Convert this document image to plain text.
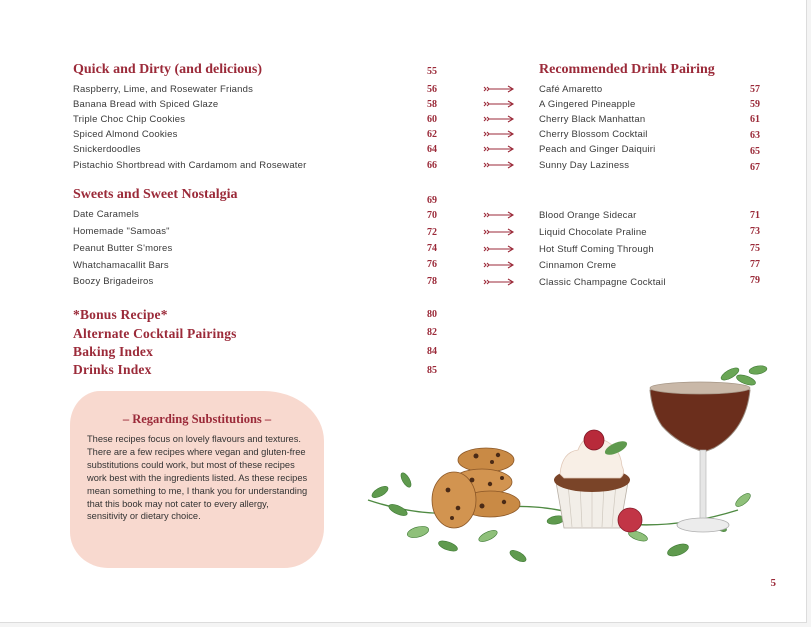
Quick and Dirty (and delicious)	55
Raspberry, Lime, and Rosewater Friands	56
Banana Bread with Spiced Glaze	58
Triple Choc Chip Cookies	60
Spiced Almond Cookies	62
Snickerdoodles	64
Pistachio Shortbread with Cardamom and Rosewater	66
Sweets and Sweet Nostalgia	69
Date Caramels	70
Homemade "Samoas"	72
Peanut Butter S'mores	74
Whatchamacallit Bars	76
Boozy Brigadeiros	78
*Bonus Recipe*	80
Alternate Cocktail Pairings	82
Baking Index	84
Drinks Index	85
Recommended Drink Pairing
Café Amaretto	57
A Gingered Pineapple	59
Cherry Black Manhattan	61
Cherry Blossom Cocktail	63
Peach and Ginger Daiquiri	65
Sunny Day Laziness	67
Blood Orange Sidecar	71
Liquid Chocolate Praline	73
Hot Stuff Coming Through	75
Cinnamon Creme	77
Classic Champagne Cocktail	79
– Regarding Substitutions –
These recipes focus on lovely flavours and textures. There are a few recipes where vegan and gluten-free substitutions could work, but most of these recipes work best with the ingredients listed. As these recipes mean something to me, I thank you for understanding that this book may not cater to every allergy, sensitivity or dietary choice.
5
